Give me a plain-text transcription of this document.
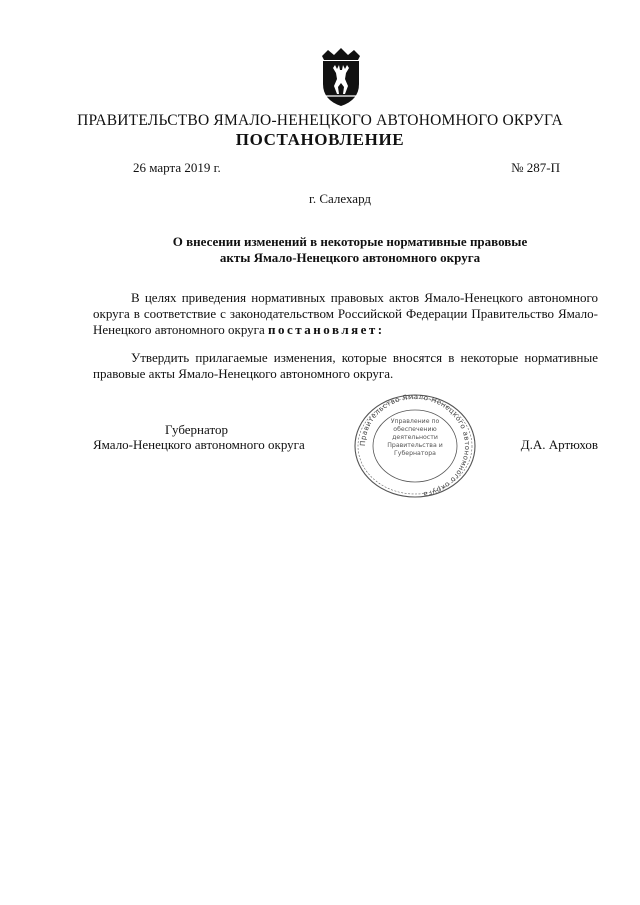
ПРАВИТЕЛЬСТВО ЯМАЛО-НЕНЕЦКОГО АВТОНОМНОГО ОКРУГА
ПОСТАНОВЛЕНИЕ
26 марта 2019 г.	№ 287-П
г. Салехард
О внесении изменений в некоторые нормативные правовые
акты Ямало-Ненецкого автономного округа
В целях приведения нормативных правовых актов Ямало-Ненецкого автономного округа в соответствие с законодательством Российской Федерации Правительство Ямало-Ненецкого автономного округа постановляет:
Утвердить прилагаемые изменения, которые вносятся в некоторые нормативные правовые акты Ямало-Ненецкого автономного округа.
Губернатор
Ямало-Ненецкого автономного округа	Д.А. Артюхов
Правительство Ямало-Ненецкого автономного округа
Управление по обеспечению деятельности Правительства и Губернатора
